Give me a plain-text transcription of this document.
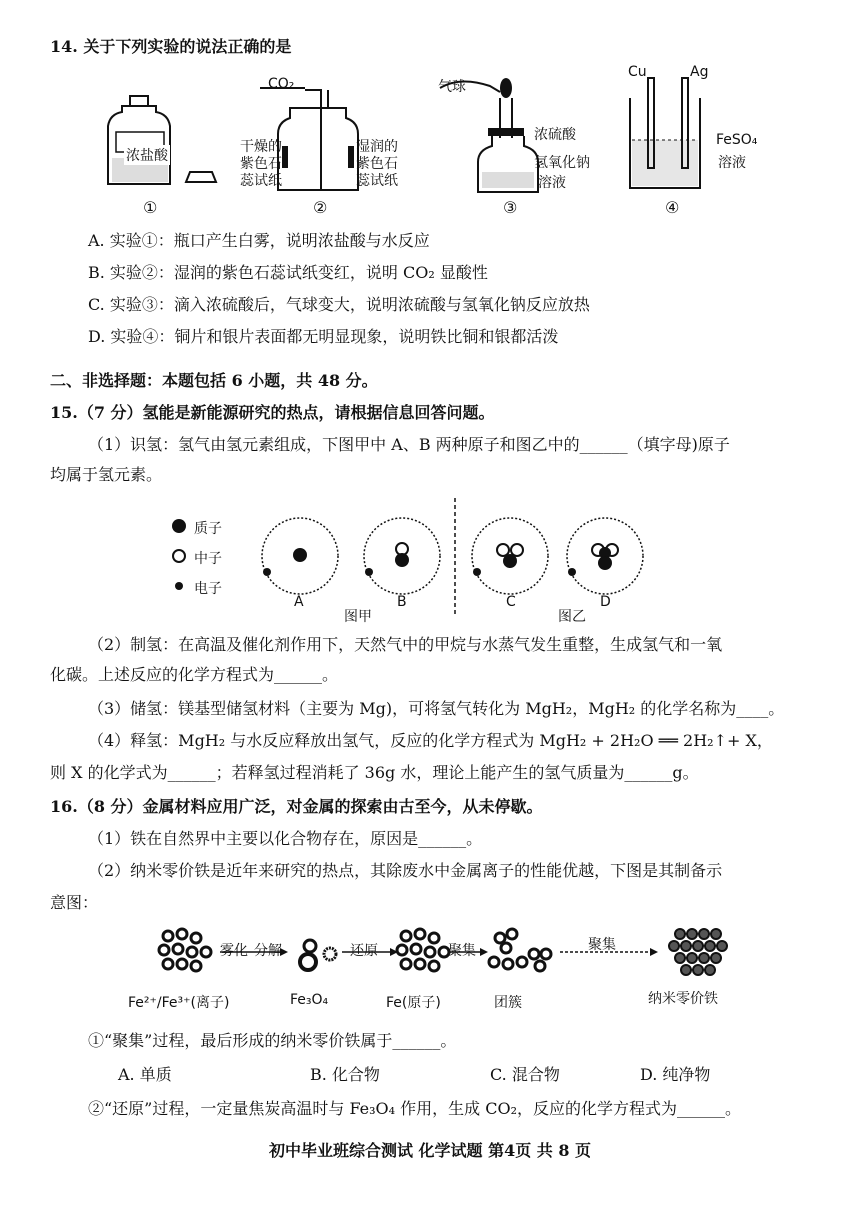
14. 关于下列实验的说法正确的是
浓盐酸
①
CO₂
干燥的
紫色石
蕊试纸
湿润的
紫色石
蕊试纸
②
气球
浓硫酸
氢氧化钠
溶液
③
Cu	Ag
FeSO₄
溶液
④
A. 实验①：瓶口产生白雾，说明浓盐酸与水反应
B. 实验②：湿润的紫色石蕊试纸变红，说明 CO₂ 显酸性
C. 实验③：滴入浓硫酸后，气球变大，说明浓硫酸与氢氧化钠反应放热
D. 实验④：铜片和银片表面都无明显现象，说明铁比铜和银都活泼
二、非选择题：本题包括 6 小题，共 48 分。
15.（7 分）氢能是新能源研究的热点，请根据信息回答问题。
（1）识氢：氢气由氢元素组成，下图甲中 A、B 两种原子和图乙中的______（填字母)原子
均属于氢元素。
质子
中子
电子
A	B	C	D
图甲	图乙
（2）制氢：在高温及催化剂作用下，天然气中的甲烷与水蒸气发生重整，生成氢气和一氧
化碳。上述反应的化学方程式为______。
（3）储氢：镁基型储氢材料（主要为 Mg)，可将氢气转化为 MgH₂，MgH₂ 的化学名称为____。
（4）释氢：MgH₂ 与水反应释放出氢气，反应的化学方程式为 MgH₂ + 2H₂O ══ 2H₂↑+ X，
则 X 的化学式为______；若释氢过程消耗了 36g 水，理论上能产生的氢气质量为______g。
16.（8 分）金属材料应用广泛，对金属的探索由古至今，从未停歇。
（1）铁在自然界中主要以化合物存在，原因是______。
（2）纳米零价铁是近年来研究的热点，其除废水中金属离子的性能优越，下图是其制备示
意图：
雾化 分解	还原	聚集	聚集
Fe²⁺/Fe³⁺(离子)	Fe₃O₄	Fe(原子)	团簇	纳米零价铁
①“聚集”过程，最后形成的纳米零价铁属于______。
A. 单质	B. 化合物	C. 混合物	D. 纯净物
②“还原”过程，一定量焦炭高温时与 Fe₃O₄ 作用，生成 CO₂，反应的化学方程式为______。
初中毕业班综合测试 化学试题 第4页 共 8 页
